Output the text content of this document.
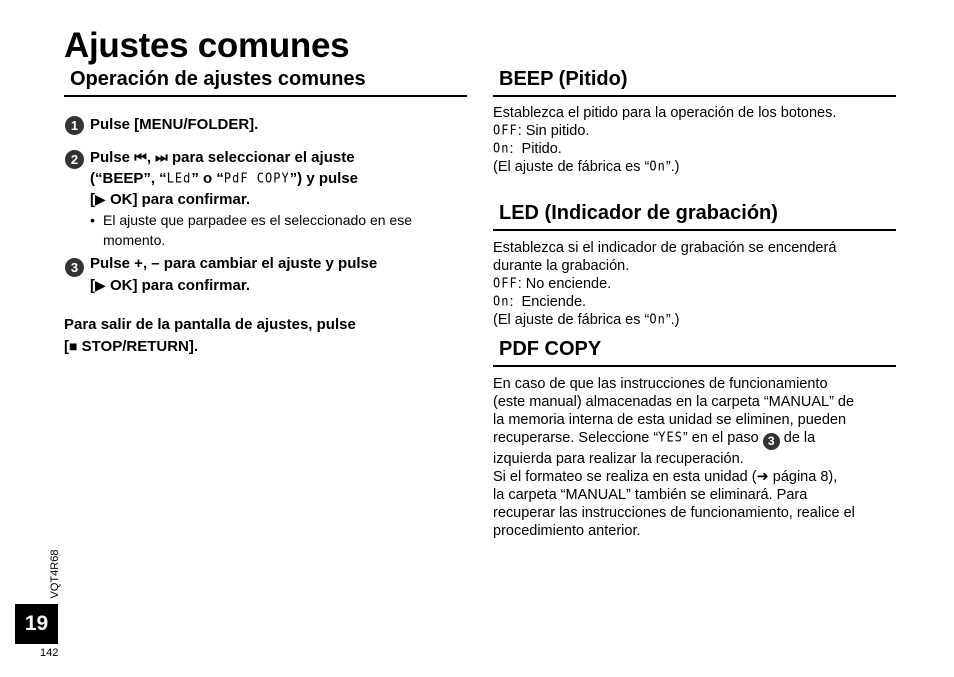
Ajustes comunes
Operación de ajustes comunes
1 Pulse [MENU/FOLDER].
2 Pulse ⏮, ⏭ para seleccionar el ajuste
(“BEEP”, “LEd” o “PdF COPY”) y pulse
[▶ OK] para confirmar.
• El ajuste que parpadee es el seleccionado en ese momento.
3 Pulse +, – para cambiar el ajuste y pulse
[▶ OK] para confirmar.
Para salir de la pantalla de ajustes, pulse
[■ STOP/RETURN].
BEEP (Pitido)
Establezca el pitido para la operación de los botones.
OFF: Sin pitido.
On:  Pitido.
(El ajuste de fábrica es “On”.)
LED (Indicador de grabación)
Establezca si el indicador de grabación se encenderá
durante la grabación.
OFF: No enciende.
On:  Enciende.
(El ajuste de fábrica es “On”.)
PDF COPY
En caso de que las instrucciones de funcionamiento
(este manual) almacenadas en la carpeta “MANUAL” de
la memoria interna de esta unidad se eliminen, pueden
recuperarse. Seleccione “YES” en el paso 3 de la
izquierda para realizar la recuperación.
Si el formateo se realiza en esta unidad (➜ página 8),
la carpeta “MANUAL” también se eliminará. Para
recuperar las instrucciones de funcionamiento, realice el
procedimiento anterior.
VQT4R68
19
142
